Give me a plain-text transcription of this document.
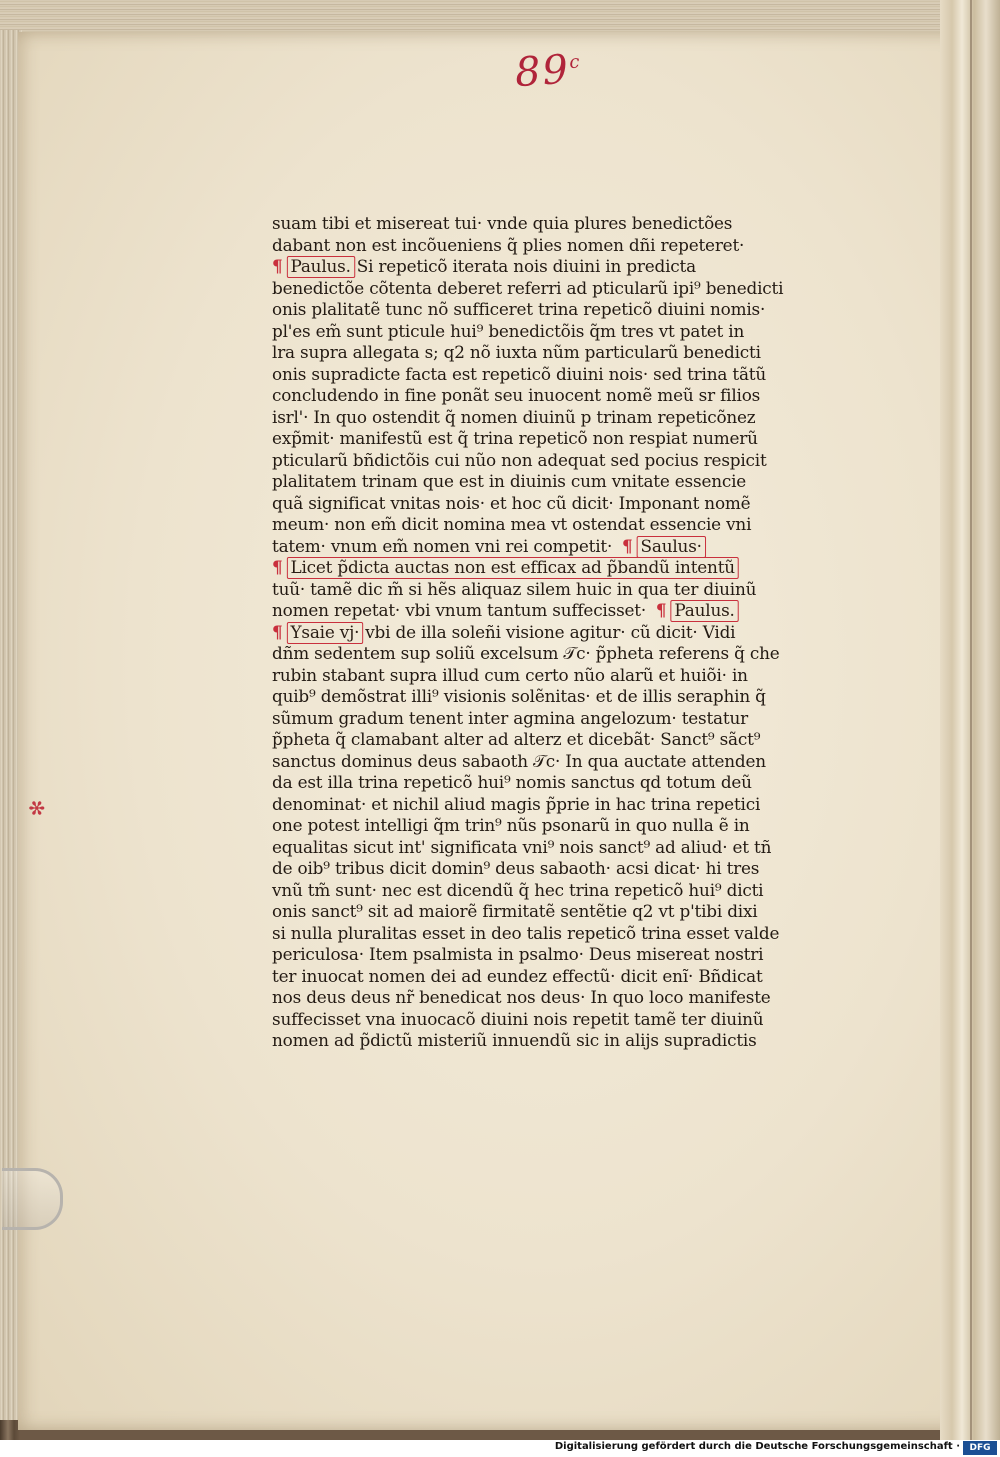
89$^c$
✻
suam tibi et misereat tui· vnde quia plures benedictões
dabant non est incõueniens q̃ plies nomen dñi repeteret·
¶ Paulus. Si repeticõ iterata nois diuini in predicta
benedictõe cõtenta deberet referri ad pticularũ ipi⁹ benedicti
onis plalitatẽ tunc nõ sufficeret trina repeticõ diuini nomis·
pl'es em̃ sunt pticule hui⁹ benedictõis q̃m tres vt patet in
lra supra allegata s; q2 nõ iuxta nũm particularũ benedicti
onis supradicte facta est repeticõ diuini nois· sed trina tãtũ
concludendo in fine ponãt seu inuocent nomẽ meũ sr filios
isrl'· In quo ostendit q̃ nomen diuinũ p trinam repeticõnez
exp̃mit· manifestũ est q̃ trina repeticõ non respiat numerũ
pticularũ bñdictõis cui nũo non adequat sed pocius respicit
plalitatem trinam que est in diuinis cum vnitate essencie
quã significat vnitas nois· et hoc cũ dicit· Imponant nomẽ
meum· non em̃ dicit nomina mea vt ostendat essencie vni
tatem· vnum em̃ nomen vni rei competit· ¶ Saulus·
¶ Licet p̃dicta auctas non est efficax ad p̃bandũ intentũ
tuũ· tamẽ dic m̃ si hẽs aliquaz silem huic in qua ter diuinũ
nomen repetat· vbi vnum tantum suffecisset· ¶ Paulus.
¶ Ysaie vj· vbi de illa soleñi visione agitur· cũ dicit· Vidi
dñm sedentem sup soliũ excelsum 𝒯c· p̃pheta referens q̃ che
rubin stabant supra illud cum certo nũo alarũ et huiõi· in
quib⁹ demõstrat illi⁹ visionis solẽnitas· et de illis seraphin q̃
sũmum gradum tenent inter agmina angelozum· testatur
p̃pheta q̃ clamabant alter ad alterz et dicebãt· Sanct⁹ sãct⁹
sanctus dominus deus sabaoth 𝒯c· In qua auctate attenden
da est illa trina repeticõ hui⁹ nomis sanctus qd totum deũ
denominat· et nichil aliud magis p̃prie in hac trina repetici
one potest intelligi q̃m trin⁹ nũs psonarũ in quo nulla ẽ in
equalitas sicut int' significata vni⁹ nois sanct⁹ ad aliud· et tñ
de oib⁹ tribus dicit domin⁹ deus sabaoth· acsi dicat· hi tres
vnũ tm̃ sunt· nec est dicendũ q̃ hec trina repeticõ hui⁹ dicti
onis sanct⁹ sit ad maiorẽ firmitatẽ sentẽtie q2 vt p'tibi dixi
si nulla pluralitas esset in deo talis repeticõ trina esset valde
periculosa· Item psalmista in psalmo· Deus misereat nostri
ter inuocat nomen dei ad eundez effectũ· dicit enĩ· Bñdicat
nos deus deus nr̃ benedicat nos deus· In quo loco manifeste
suffecisset vna inuocacõ diuini nois repetit tamẽ ter diuinũ
nomen ad p̃dictũ misteriũ innuendũ sic in alijs supradictis
Digitalisierung gefördert durch die Deutsche Forschungsgemeinschaft ·	DFG
